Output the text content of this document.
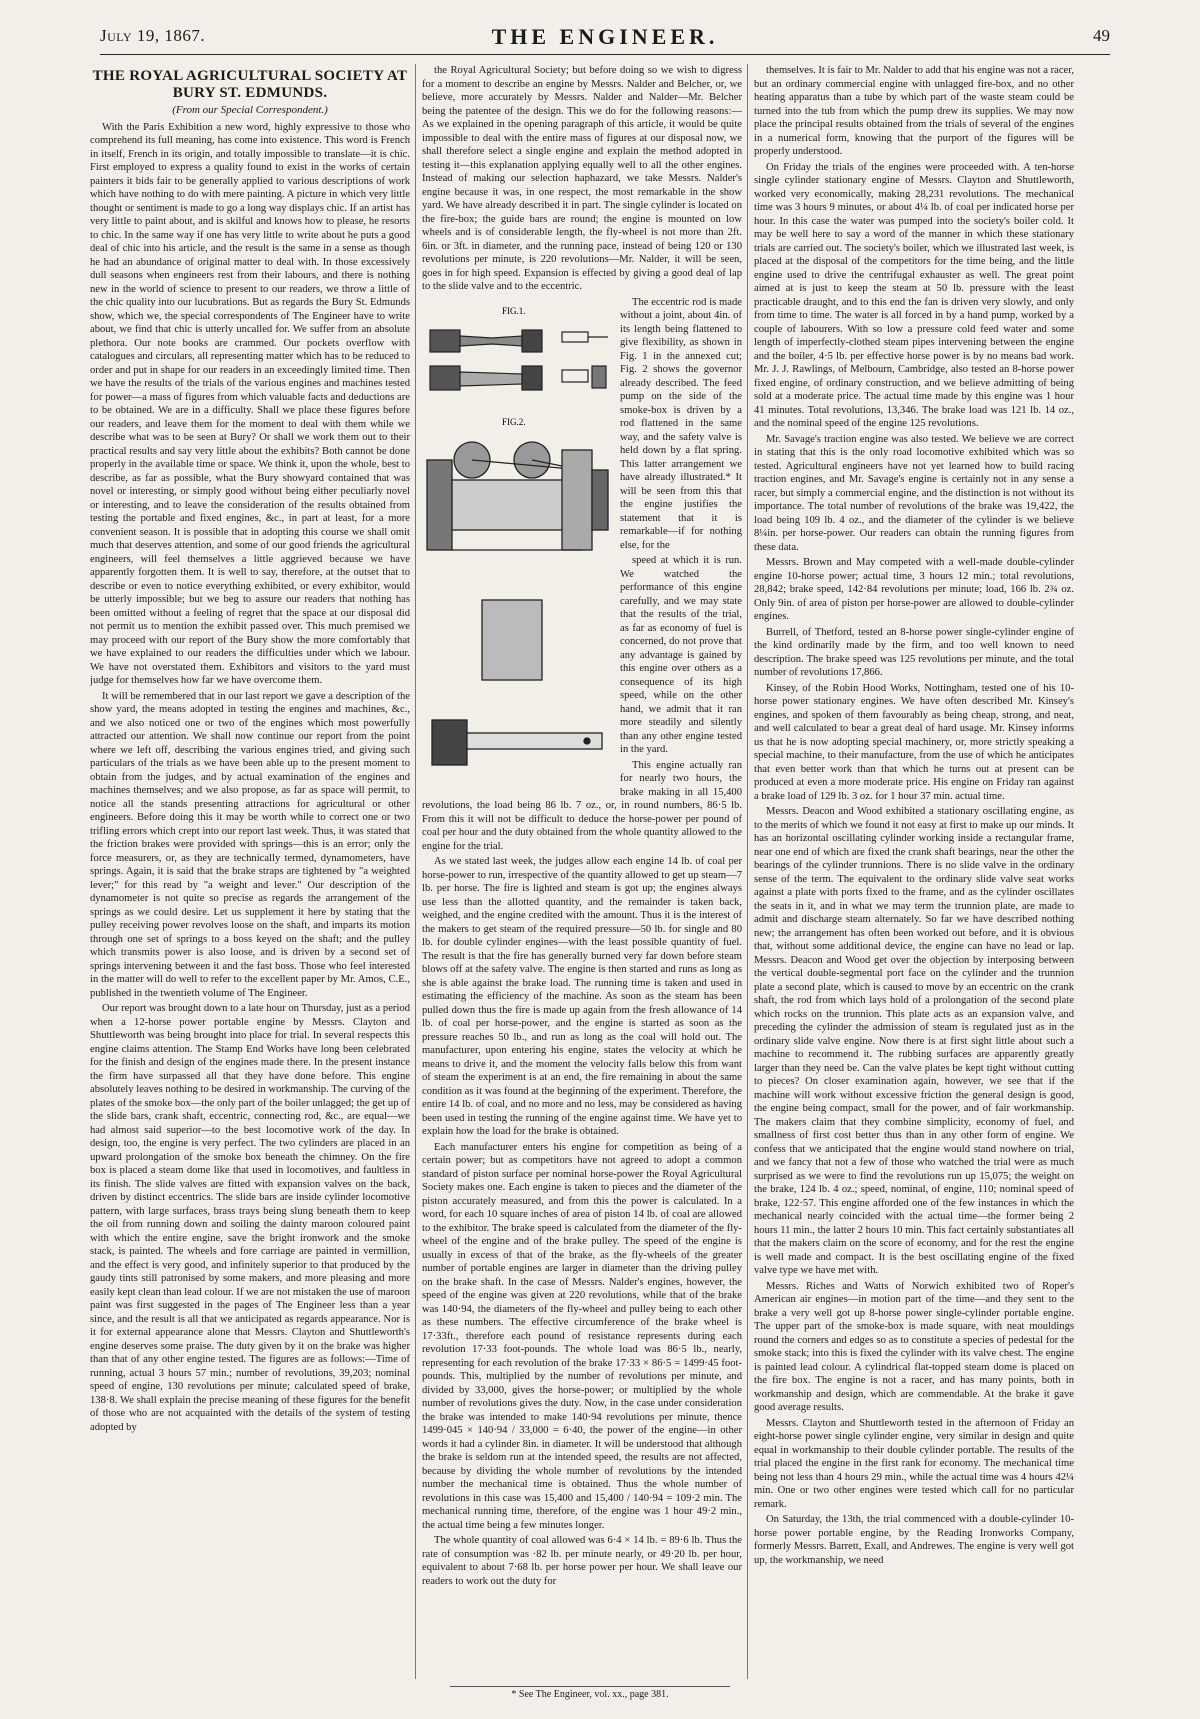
July 19, 1867.	THE ENGINEER.	49
THE ROYAL AGRICULTURAL SOCIETY AT BURY ST. EDMUNDS.
(From our Special Correspondent.)

With the Paris Exhibition a new word, highly expressive to those who comprehend its full meaning, has come into existence. This word is French in itself, French in its origin, and totally impossible to translate—it is chic. First employed to express a quality found to exist in the works of certain painters it bids fair to be generally applied to various descriptions of work which have nothing to do with mere painting. A picture in which very little thought or sentiment is made to go a long way displays chic. If an artist has very little to paint about, and is skilful and knows how to please, he resorts to chic. In the same way if one has very little to write about he puts a good deal of chic into his article, and the result is the same in a sense as though he had an abundance of original matter to deal with. In those excessively dull seasons when engineers rest from their labours, and there is nothing new in the world of science to present to our readers, we throw a little of the chic quality into our lucubrations. But as regards the Bury St. Edmunds show, which we, the special correspondents of The Engineer have to write about, we find that chic is utterly uncalled for. We suffer from an absolute plethora. Our note books are crammed. Our pockets overflow with catalogues and circulars, all representing matter which has to be reduced to order and put in shape for our readers in an exceedingly limited time. Then we have the results of the trials of the various engines and machines tested for power—a mass of figures from which valuable facts and deductions are to be obtained. We are in a difficulty. Shall we place these figures before our readers, and leave them for the moment to deal with them while we describe what was to be seen at Bury? Or shall we work them out to their practical results and say very little about the exhibits? Both cannot be done properly in the available time or space. We think it, upon the whole, best to describe, as far as possible, what the Bury showyard contained that was novel or interesting, or simply good without being either peculiarly novel or interesting, and to leave the consideration of the results obtained from testing the portable and fixed engines, &c., in part at least, for a more convenient season. It is possible that in adopting this course we shall omit much that deserves attention, and some of our good friends the agricultural engineers, will feel themselves a little aggrieved because we have apparently forgotten them. It is well to say, therefore, at the outset that to describe or even to notice everything exhibited, or every exhibitor, would be utterly impossible; but we beg to assure our readers that nothing has been omitted without a feeling of regret that the space at our disposal did not permit us to mention the exhibit passed over. This much premised we may proceed with our report of the Bury show the more comfortably that we have explained to our readers the difficulties under which we labour. We have not overstated them. Exhibitors and visitors to the yard must judge for themselves how far we have overcome them.

It will be remembered that in our last report we gave a description of the show yard, the means adopted in testing the engines and machines, &c., and we also noticed one or two of the engines which most powerfully attracted our attention. We shall now continue our report from the point where we left off, describing the various engines tried, and giving such particulars of the trials as we have been able up to the present moment to obtain from the judges, and by actual examination of the engines and machines themselves; and we also propose, as far as space will permit, to notice all the stands presenting attractions for agricultural or other engineers. Before doing this it may be worth while to correct one or two trifling errors which crept into our report last week. Thus, it was stated that the friction brakes were provided with springs—this is an error; only the force measurers, or, as they are technically termed, dynamometers, have springs. Again, it is said that the brake straps are tightened by "a weighted lever;" for this read by "a weight and lever." Our description of the dynamometer is not quite so precise as regards the arrangement of the springs as we could desire. Let us supplement it here by stating that the pulley receiving power revolves loose on the shaft, and imparts its motion through one set of springs to a boss keyed on the shaft; and the pulley which transmits power is also loose, and is driven by a second set of springs intervening between it and the fast boss. Those who feel interested in the matter will do well to refer to the excellent paper by Mr. Amos, C.E., published in the twentieth volume of The Engineer.

Our report was brought down to a late hour on Thursday, just as a period when a 12-horse power portable engine by Messrs. Clayton and Shuttleworth was being brought into place for trial. In several respects this engine claims attention. The Stamp End Works have long been celebrated for the finish and design of the engines made there. In the present instance the firm have surpassed all that they have done before. This engine absolutely leaves nothing to be desired in workmanship. The curving of the plates of the smoke box—the only part of the boiler unlagged; the get up of the slide bars, crank shaft, eccentric, connecting rod, &c., are equal—we had almost said superior—to the best locomotive work of the day. In design, too, the engine is very perfect. The two cylinders are placed in an upward prolongation of the smoke box beneath the chimney. On the fire box is placed a steam dome like that used in locomotives, and faultless in its finish. The slide valves are fitted with expansion valves on the back, driven by distinct eccentrics. The slide bars are inside cylinder locomotive pattern, with large surfaces, brass trays being slung beneath them to keep the oil from running down and soiling the dainty maroon coloured paint with which the entire engine, save the bright ironwork and the smoke stack, is painted. The wheels and fore carriage are painted in vermillion, and the effect is very good, and infinitely superior to that produced by the gaudy tints still patronised by some makers, and more pleasing and more easily kept clean than lead colour. If we are not mistaken the use of maroon paint was first suggested in the pages of The Engineer less than a year since, and the result is all that we anticipated as regards appearance. Nor is it for external appearance alone that Messrs. Clayton and Shuttleworth's engine deserves some praise. The duty given by it on the brake was higher than that of any other engine tested. The figures are as follows:—Time of running, actual 3 hours 57 min.; number of revolutions, 39,203; nominal speed of engine, 130 revolutions per minute; calculated speed of brake, 138·8. We shall explain the precise meaning of these figures for the benefit of those who are not acquainted with the details of the system of testing adopted by

the Royal Agricultural Society; but before doing so we wish to digress for a moment to describe an engine by Messrs. Nalder and Belcher, or, we believe, more accurately by Messrs. Nalder and Nalder—Mr. Belcher being the patentee of the design. This we do for the following reasons:—As we explained in the opening paragraph of this article, it would be quite impossible to deal with the entire mass of figures at our disposal now, we shall therefore select a single engine and explain the method adopted in testing it—this explanation applying equally well to all the other engines. Instead of making our selection haphazard, we take Messrs. Nalder's engine because it was, in one respect, the most remarkable in the show yard. We have already described it in part. The single cylinder is located on the fire-box; the guide bars are round; the engine is mounted on low wheels and is of considerable length, the fly-wheel is not more than 2ft. 6in. or 3ft. in diameter, and the running pace, instead of being 120 or 130 revolutions per minute, is 220 revolutions—Mr. Nalder, it will be seen, goes in for high speed. Expansion is effected by giving a good deal of lap to the slide valve and to the eccentric.

FIG.1.
FIG.2.

The eccentric rod is made without a joint, about 4in. of its length being flattened to give flexibility, as shown in Fig. 1 in the annexed cut; Fig. 2 shows the governor already described. The feed pump on the side of the smoke-box is driven by a rod flattened in the same way, and the safety valve is held down by a flat spring. This latter arrangement we have already illustrated.* It will be seen from this that the engine justifies the statement that it is remarkable—if for nothing else, for the

speed at which it is run. We watched the performance of this engine carefully, and we may state that the results of the trial, as far as economy of fuel is concerned, do not prove that any advantage is gained by this engine over others as a consequence of its high speed, while on the other hand, we admit that it ran more steadily and silently than any other engine tested in the yard.

This engine actually ran for nearly two hours, the brake making in all 15,400 revolutions, the load being 86 lb. 7 oz., or, in round numbers, 86·5 lb. From this it will not be difficult to deduce the horse-power per pound of coal per hour and the duty obtained from the whole quantity allowed to the engine for the trial.

As we stated last week, the judges allow each engine 14 lb. of coal per horse-power to run, irrespective of the quantity allowed to get up steam—7 lb. per horse. The fire is lighted and steam is got up; the engines always use less than the allotted quantity, and the remainder is taken back, weighed, and the engine credited with the amount. Thus it is the interest of the makers to get steam of the required pressure—50 lb. for single and 80 lb. for double cylinder engines—with the least possible quantity of fuel. The result is that the fire has generally burned very far down before steam blows off at the safety valve. The engine is then started and runs as long as she is able against the brake load. The running time is taken and used in estimating the efficiency of the machine. As soon as the steam has been pulled down thus the fire is made up again from the fresh allowance of 14 lb. of coal per horse-power, and the engine is started as soon as the pressure reaches 50 lb., and run as long as the coal will hold out. The manufacturer, upon entering his engine, states the velocity at which he means to drive it, and the moment the velocity falls below this from want of steam the experiment is at an end, the fire remaining in about the same condition as it was found at the beginning of the experiment. Therefore, the entire 14 lb. of coal, and no more and no less, may be considered as having been used in testing the running of the engine against time. We have yet to explain how the load for the brake is obtained.

Each manufacturer enters his engine for competition as being of a certain power; but as competitors have not agreed to adopt a common standard of piston surface per nominal horse-power the Royal Agricultural Society makes one. Each engine is taken to pieces and the diameter of the piston accurately measured, and from this the power is calculated. In a word, for each 10 square inches of area of piston 14 lb. of coal are allowed to the exhibitor. The brake speed is calculated from the diameter of the fly-wheel of the engine and of the brake pulley. The speed of the engine is usually in excess of that of the brake, as the fly-wheels of the greater number of portable engines are larger in diameter than the driving pulley on the brake shaft. In the case of Messrs. Nalder's engines, however, the speed of the engine was given at 220 revolutions, while that of the brake was 140·94, the diameters of the fly-wheel and pulley being to each other as these numbers. The effective circumference of the brake wheel is 17·33ft., therefore each pound of resistance represents during each revolution 17·33 foot-pounds. The whole load was 86·5 lb., nearly, representing for each revolution of the brake 17·33 × 86·5 = 1499·45 foot-pounds. This, multiplied by the number of revolutions per minute, and divided by 33,000, gives the horse-power; or multiplied by the whole number of revolutions gives the duty. Now, in the case under consideration the brake was intended to make 140·94 revolutions per minute, thence 1499·045 × 140·94 / 33,000 = 6·40, the power of the engine—in other words it had a cylinder 8in. in diameter. It will be understood that although the brake is seldom run at the intended speed, the results are not affected, because by dividing the whole number of revolutions by the intended number the mechanical time is obtained. Thus the whole number of revolutions in this case was 15,400 and 15,400 / 140·94 = 109·2 min. The mechanical running time, therefore, of the engine was 1 hour 49·2 min., the actual time being a few minutes longer.

The whole quantity of coal allowed was 6·4 × 14 lb. = 89·6 lb. Thus the rate of consumption was ·82 lb. per minute nearly, or 49·20 lb. per hour, equivalent to about 7·68 lb. per horse power per hour. We shall leave our readers to work out the duty for

themselves. It is fair to Mr. Nalder to add that his engine was not a racer, but an ordinary commercial engine with unlagged fire-box, and no other heating apparatus than a tube by which part of the waste steam could be turned into the tub from which the pump drew its supplies. We may now place the principal results obtained from the trials of several of the engines in a numerical form, knowing that the purport of the figures will be properly understood.

On Friday the trials of the engines were proceeded with. A ten-horse single cylinder stationary engine of Messrs. Clayton and Shuttleworth, worked very economically, making 28,231 revolutions. The mechanical time was 3 hours 9 minutes, or about 4¼ lb. of coal per indicated horse per hour. In this case the water was pumped into the society's boiler cold. It may be well here to say a word of the manner in which these stationary trials are carried out. The society's boiler, which we illustrated last week, is placed at the disposal of the competitors for the time being, and the little engine used to drive the centrifugal exhauster as well. The great point aimed at is just to keep the steam at 50 lb. pressure with the least practicable draught, and to this end the fan is driven very slowly, and only from time to time. The water is all forced in by a hand pump, worked by a couple of labourers. With so low a pressure cold feed water and some length of imperfectly-clothed steam pipes intervening between the engine and the boiler, 4·5 lb. per effective horse power is by no means bad work. Mr. J. J. Rawlings, of Melbourn, Cambridge, also tested an 8-horse power fixed engine, of ordinary construction, and we believe admitting of being sold at a moderate price. The actual time made by this engine was 1 hour 41 minutes. Total revolutions, 13,346. The brake load was 121 lb. 14 oz., and the nominal speed of the engine 125 revolutions.

Mr. Savage's traction engine was also tested. We believe we are correct in stating that this is the only road locomotive exhibited which was so tested. Agricultural engineers have not yet learned how to build racing traction engines, and Mr. Savage's engine is certainly not in any sense a racer, but simply a commercial engine, and the distinction is not without its importance. The total number of revolutions of the brake was 19,422, the load being 109 lb. 4 oz., and the diameter of the cylinder is we believe 8¼in. per horse-power. Our readers can obtain the running figures from these data.

Messrs. Brown and May competed with a well-made double-cylinder engine 10-horse power; actual time, 3 hours 12 min.; total revolutions, 28,842; brake speed, 142·84 revolutions per minute; load, 166 lb. 2¾ oz. Only 9in. of area of piston per horse-power are allowed to double-cylinder engines.

Burrell, of Thetford, tested an 8-horse power single-cylinder engine of the kind ordinarily made by the firm, and too well known to need description. The brake speed was 125 revolutions per minute, and the total number of revolutions 17,866.

Kinsey, of the Robin Hood Works, Nottingham, tested one of his 10-horse power stationary engines. We have often described Mr. Kinsey's engines, and spoken of them favourably as being cheap, strong, and neat, and well calculated to bear a great deal of hard usage. Mr. Kinsey informs us that he is now adopting special machinery, or, more strictly speaking a special machine, to their manufacture, from the use of which he anticipates that even better work than that which he turns out at present can be produced at even a more moderate price. His engine on Friday ran against a brake load of 129 lb. 3 oz. for 1 hour 37 min. actual time.

Messrs. Deacon and Wood exhibited a stationary oscillating engine, as to the merits of which we found it not easy at first to make up our minds. It has an horizontal oscillating cylinder working inside a rectangular frame, near one end of which are fixed the crank shaft bearings, near the other the bearings of the cylinder trunnions. There is no slide valve in the ordinary sense of the term. The equivalent to the ordinary slide valve seat works against a plate with ports fixed to the frame, and as the cylinder oscillates the seats in it, and in what we may term the trunnion plate, are made to admit and discharge steam alternately. So far we have described nothing new; the arrangement has often been worked out before, and it is obvious that, without some additional device, the engine can have no lead or lap. Messrs. Deacon and Wood get over the objection by interposing between the vertical double-segmental port face on the cylinder and the trunnion plate a second plate, which is caused to move by an eccentric on the crank shaft, the rod from which lays hold of a prolongation of the second plate which rocks on the trunnion. This plate acts as an expansion valve, and preceding the cylinder the admission of steam is regulated just as in the ordinary slide valve engine. Now there is at first sight little about such a machine to recommend it. The rubbing surfaces are apparently greatly larger than they need be. Can the valve plates be kept tight without cutting to pieces? On closer examination again, however, we see that if the machine will work without excessive friction the general design is good, the engine being compact, small for the power, and of fair workmanship. The makers claim that they combine simplicity, economy of fuel, and smallness of first cost better thus than in any other form of engine. We confess that we anticipated that the engine would stand nowhere on trial, and we fancy that not a few of those who watched the trial were as much surprised as we were to find the revolutions run up 15,075; the weight on the brake, 124 lb. 4 oz.; speed, nominal, of engine, 110; nominal speed of brake, 122·57. This engine afforded one of the few instances in which the mechanical nearly coincided with the actual time—the former being 2 hours 11 min., the latter 2 hours 10 min. This fact certainly substantiates all that the makers claim on the score of economy, and for the rest the engine is well made and compact. It is the best oscillating engine of the fixed valve type we have met with.

Messrs. Riches and Watts of Norwich exhibited two of Roper's American air engines—in motion part of the time—and they sent to the brake a very well got up 8-horse power single-cylinder portable engine. The upper part of the smoke-box is made square, with neat mouldings round the corners and edges so as to constitute a species of pedestal for the smoke stack; into this is fixed the cylinder with its valve chest. The engine is painted lead colour. A cylindrical flat-topped steam dome is placed on the fire box. The engine is not a racer, and has many points, both in workmanship and design, which are commendable. At the brake it gave good average results.

Messrs. Clayton and Shuttleworth tested in the afternoon of Friday an eight-horse power single cylinder engine, very similar in design and quite equal in workmanship to their double cylinder portable. The results of the trial placed the engine in the first rank for economy. The mechanical time being not less than 4 hours 29 min., while the actual time was 4 hours 42¼ min. One or two other engines were tested which call for no particular remark.

On Saturday, the 13th, the trial commenced with a double-cylinder 10-horse power portable engine, by the Reading Ironworks Company, formerly Messrs. Barrett, Exall, and Andrewes. The engine is very well got up, the workmanship, we need

* See The Engineer, vol. xx., page 381.
